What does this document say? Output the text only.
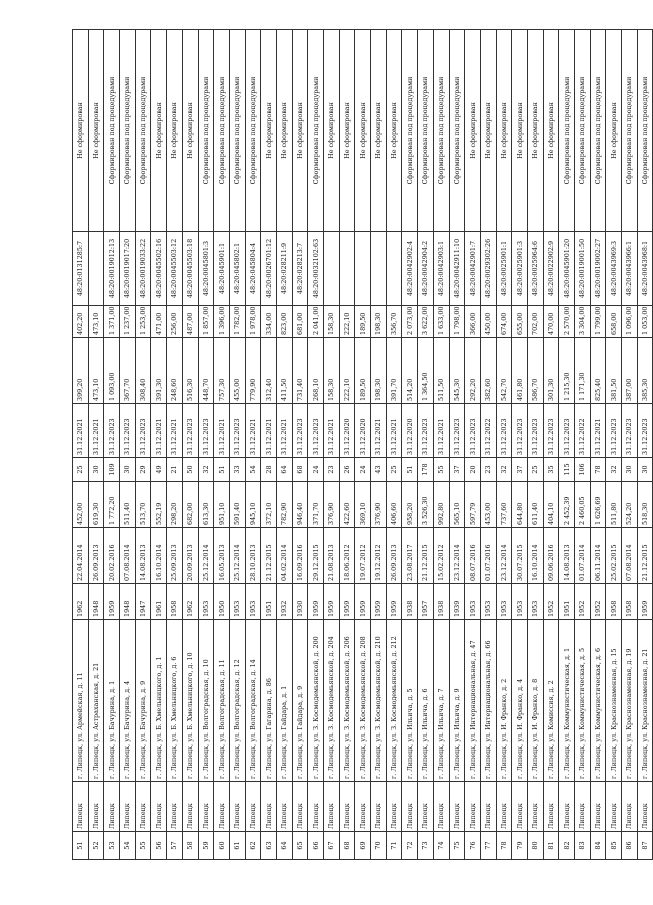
51	Липецк	г. Липецк, ул. Армейская, д. 11	1962	22.04.2014	452,00	25	31.12.2021	399,20	402,20	48:20:0131285:7	Не сформирован
52	Липецк	г. Липецк, ул. Астраханская, д. 21	1948	26.09.2013	619,30	30	31.12.2021	473,10	473,10		Не сформирован
53	Липецк	г. Липецк, ул. Бачурина, д. 1	1959	20.02.2016	1 772,20	109	31.12.2023	1 093,00	1 371,00	48:20:0019012:13	Сформирован под процедурами
54	Липецк	г. Липецк, ул. Бачурина, д. 4	1948	07.08.2014	511,40	30	31.12.2023	367,70	1 237,00	48:20:0019017:20	Сформирован под процедурами
55	Липецк	г. Липецк, ул. Бачурина, д. 9	1947	14.08.2013	513,70	29	31.12.2023	308,40	1 253,00	48:20:0019033:22	Сформирован под процедурами
56	Липецк	г. Липецк, ул. Б. Хмельницкого, д. 1	1961	16.10.2014	552,19	49	31.12.2021	391,30	471,00	48:20:0045502:16	Не сформирован
57	Липецк	г. Липецк, ул. Б. Хмельницкого, д. 6	1958	25.09.2013	298,20	21	31.12.2021	248,60	256,00	48:20:0045503:12	Не сформирован
58	Липецк	г. Липецк, ул. Б. Хмельницкого, д. 10	1962	20.09.2013	682,00	50	31.12.2023	516,30	487,00	48:20:0045503:18	Не сформирован
59	Липецк	г. Липецк, ул. Волгоградская, д. 10	1953	25.12.2014	613,30	32	31.12.2023	448,70	1 857,00	48:20:0045801:3	Сформирован под процедурами
60	Липецк	г. Липецк, ул. Волгоградская, д. 11	1950	16.05.2013	951,10	51	31.12.2021	757,30	1 396,00	48:20:045901:1	Сформирован под процедурами
61	Липецк	г. Липецк, ул. Волгоградская, д. 12	1953	25.12.2014	591,40	33	31.12.2023	455,00	1 782,00	48:20:045802:1	Сформирован под процедурами
62	Липецк	г. Липецк, ул. Волгоградская, д. 14	1953	28.10.2013	945,10	54	31.12.2021	779,90	1 978,00	48:20:045804:4	Сформирован под процедурами
63	Липецк	г. Липецк, ул. Гагарина, д. 86	1951	21.12.2015	372,10	28	31.12.2021	312,40	334,00	48:20:0026701:12	Не сформирован
64	Липецк	г. Липецк, ул. Гайдара, д. 1	1932	04.02.2014	782,90	64	31.12.2021	411,50	823,00	48:20:028211:9	Не сформирован
65	Липецк	г. Липецк, ул. Гайдара, д. 9	1930	16.09.2016	946,40	68	31.12.2023	731,40	681,00	48:20:028213:7	Не сформирован
66	Липецк	г. Липецк, ул. З. Космодемьянской, д. 200	1959	29.12.2015	371,70	24	31.12.2023	268,10	2 041,00	48:20:0032102:63	Сформирован под процедурами
67	Липецк	г. Липецк, ул. З. Космодемьянской, д. 204	1959	21.08.2013	376,90	23	31.12.2021	158,30	158,30		Не сформирован
68	Липецк	г. Липецк, ул. З. Космодемьянской, д. 206	1959	18.06.2012	422,60	26	31.12.2020	222,10	222,10		Не сформирован
69	Липецк	г. Липецк, ул. З. Космодемьянской, д. 208	1959	19.07.2012	369,10	24	31.12.2020	189,50	189,50		Не сформирован
70	Липецк	г. Липецк, ул. З. Космодемьянской, д. 210	1959	19.12.2012	376,90	43	31.12.2021	198,30	198,30		Не сформирован
71	Липецк	г. Липецк, ул. З. Космодемьянской, д. 212	1959	26.09.2013	406,60	25	31.12.2021	391,70	356,70		Не сформирован
72	Липецк	г. Липецк, ул. Ильича, д. 5	1938	23.08.2017	958,20	51	31.12.2020	514,20	2 073,00	48:20:0042902:4	Сформирован под процедурами
73	Липецк	г. Липецк, ул. Ильича, д. 6	1957	21.12.2015	3 526,30	178	31.12.2023	1 364,50	3 622,00	48:20:0042904:2	Сформирован под процедурами
74	Липецк	г. Липецк, ул. Ильича, д. 7	1938	15.02.2012	992,80	55	31.12.2021	511,50	1 633,00	48:20:0042903:1	Сформирован под процедурами
75	Липецк	г. Липецк, ул. Ильича, д. 9	1939	23.12.2014	565,10	37	31.12.2023	545,30	1 798,00	48:20:0042911:10	Сформирован под процедурами
76	Липецк	г. Липецк, ул. Интернациональная, д. 47	1953	08.07.2016	597,79	20	31.12.2023	292,20	366,00	48:20:0042901:7	Не сформирован
77	Липецк	г. Липецк, ул. Интернациональная, д. 66	1953	01.07.2016	453,00	23	31.12.2022	382,60	450,00	48:20:0029302:26	Не сформирован
78	Липецк	г. Липецк, ул. И. Франко, д. 2	1953	23.12.2014	737,60	32	31.12.2023	542,70	674,00	48:20:0025901:1	Не сформирован
79	Липецк	г. Липецк, ул. И. Франко, д. 4	1953	30.07.2015	644,80	37	31.12.2023	461,80	655,00	48:20:0025901:3	Не сформирован
80	Липецк	г. Липецк, ул. И. Франко, д. 8	1953	16.10.2014	611,40	25	31.12.2023	586,70	702,00	48:20:0025964:6	Не сформирован
81	Липецк	г. Липецк, ул. Комиссия, д. 2	1952	09.06.2016	404,10	35	31.12.2023	301,30	470,00	48:20:0022902:9	Не сформирован
82	Липецк	г. Липецк, ул. Коммунистическая, д. 1	1951	14.08.2013	2 452,39	115	31.12.2023	1 215,30	2 570,00	48:20:0045901:20	Сформирован под процедурами
83	Липецк	г. Липецк, ул. Коммунистическая, д. 5	1952	01.07.2014	2 460,05	106	31.12.2022	1 171,30	3 304,00	48:20:0019001:50	Сформирован под процедурами
84	Липецк	г. Липецк, ул. Коммунистическая, д. 6	1952	06.11.2014	1 626,69	78	31.12.2021	825,40	1 799,00	48:20:0019002:27	Сформирован под процедурами
85	Липецк	г. Липецк, ул. Краснознаменная, д. 15	1958	25.02.2015	511,80	32	31.12.2023	381,50	658,00	48:20:0043969:3	Не сформирован
86	Липецк	г. Липецк, ул. Краснознаменная, д. 19	1958	07.08.2014	524,20	30	31.12.2023	387,00	1 096,00	48:20:0043966:1	Сформирован под процедурами
87	Липецк	г. Липецк, ул. Краснознаменная, д. 21	1959	21.12.2015	518,30	30	31.12.2023	385,30	1 053,00	48:20:0043968:1	Сформирован под процедурами
